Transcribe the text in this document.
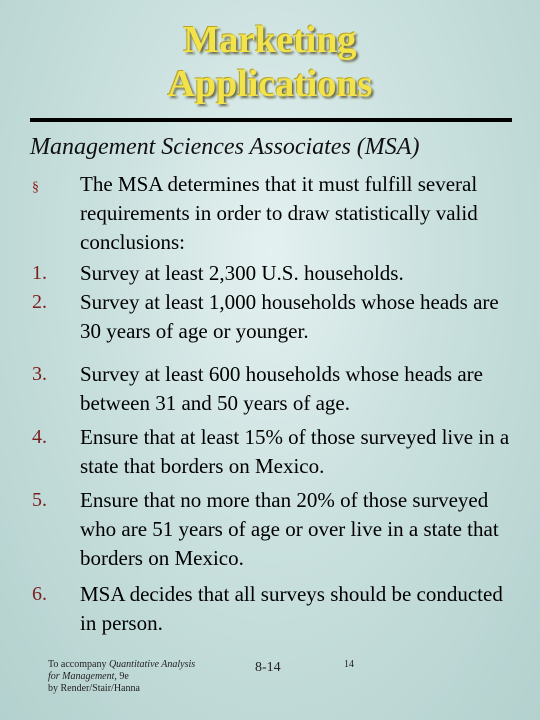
Marketing
Applications
Management Sciences Associates (MSA)
§ The MSA determines that it must fulfill several requirements in order to draw statistically valid conclusions:
1. Survey at least 2,300 U.S. households.
2. Survey at least 1,000 households whose heads are 30 years of age or younger.
3. Survey at least 600 households whose heads are between 31 and 50 years of age.
4. Ensure that at least 15% of those surveyed live in a state that borders on Mexico.
5. Ensure that no more than 20% of those surveyed who are 51 years of age or over live in a state that borders on Mexico.
6. MSA decides that all surveys should be conducted in person.
To accompany Quantitative Analysis
for Management, 9e
by Render/Stair/Hanna
8-14	14
